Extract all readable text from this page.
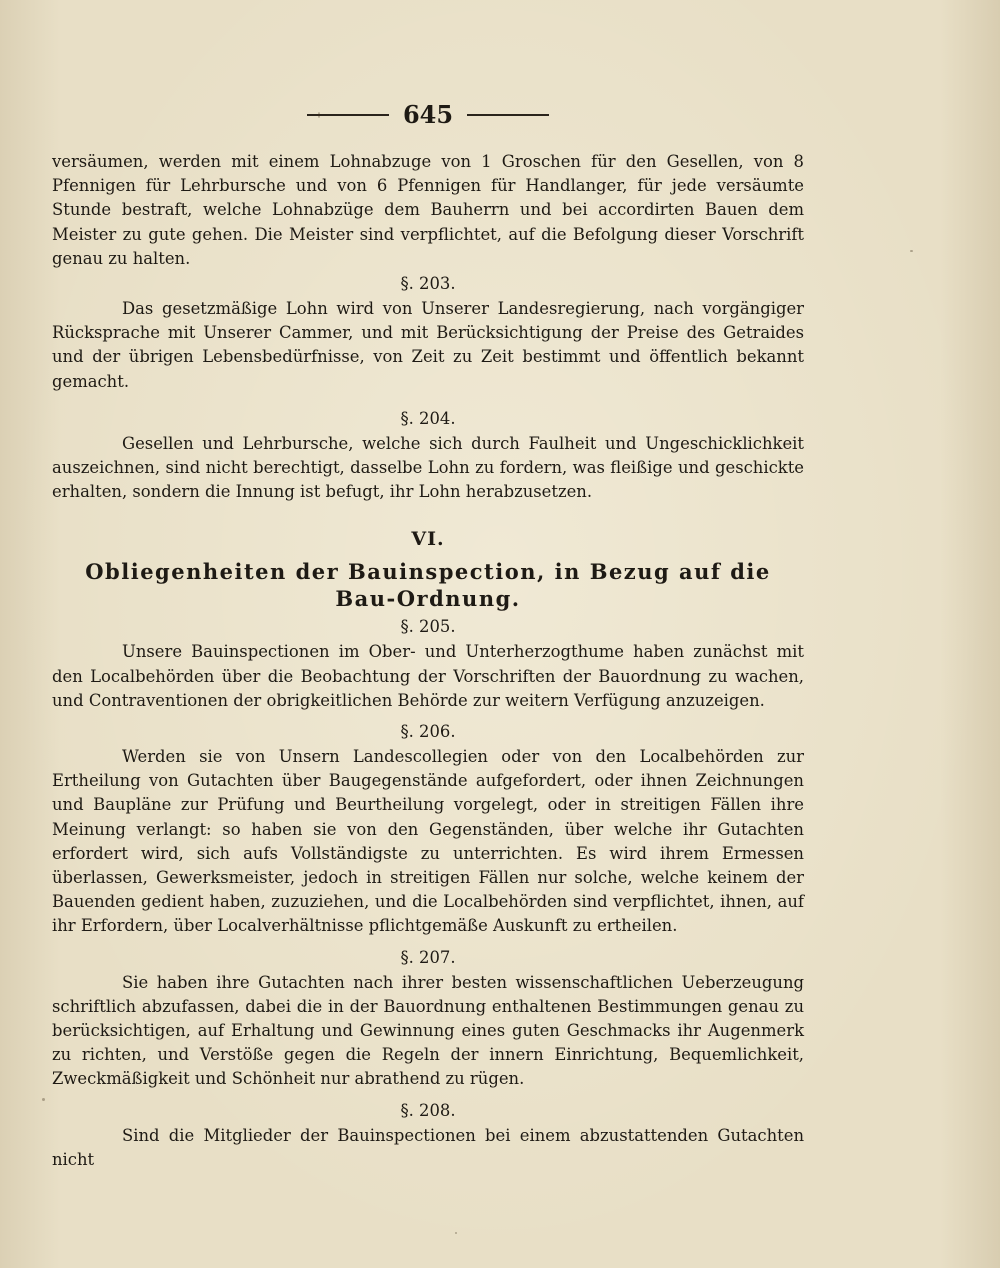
645

versäumen, werden mit einem Lohnabzuge von 1 Groschen für den Gesellen, von 8 Pfennigen für Lehrbursche und von 6 Pfennigen für Handlanger, für jede versäumte Stunde bestraft, welche Lohnabzüge dem Bauherrn und bei accordirten Bauen dem Meister zu gute gehen. Die Meister sind verpflichtet, auf die Befolgung dieser Vorschrift genau zu halten.

§. 203.

Das gesetzmäßige Lohn wird von Unserer Landesregierung, nach vorgängiger Rücksprache mit Unserer Cammer, und mit Berücksichtigung der Preise des Getraides und der übrigen Lebensbedürfnisse, von Zeit zu Zeit bestimmt und öffentlich bekannt gemacht.

§. 204.

Gesellen und Lehrbursche, welche sich durch Faulheit und Ungeschicklichkeit auszeichnen, sind nicht berechtigt, dasselbe Lohn zu fordern, was fleißige und geschickte erhalten, sondern die Innung ist befugt, ihr Lohn herabzusetzen.

VI.
Obliegenheiten der Bauinspection, in Bezug auf die
Bau-Ordnung.
§. 205.

Unsere Bauinspectionen im Ober- und Unterherzogthume haben zunächst mit den Localbehörden über die Beobachtung der Vorschriften der Bauordnung zu wachen, und Contraventionen der obrigkeitlichen Behörde zur weitern Verfügung anzuzeigen.

§. 206.

Werden sie von Unsern Landescollegien oder von den Localbehörden zur Ertheilung von Gutachten über Baugegenstände aufgefordert, oder ihnen Zeichnungen und Baupläne zur Prüfung und Beurtheilung vorgelegt, oder in streitigen Fällen ihre Meinung verlangt: so haben sie von den Gegenständen, über welche ihr Gutachten erfordert wird, sich aufs Vollständigste zu unterrichten. Es wird ihrem Ermessen überlassen, Gewerksmeister, jedoch in streitigen Fällen nur solche, welche keinem der Bauenden gedient haben, zuzuziehen, und die Localbehörden sind verpflichtet, ihnen, auf ihr Erfordern, über Localverhältnisse pflichtgemäße Auskunft zu ertheilen.

§. 207.

Sie haben ihre Gutachten nach ihrer besten wissenschaftlichen Ueberzeugung schriftlich abzufassen, dabei die in der Bauordnung enthaltenen Bestimmungen genau zu berücksichtigen, auf Erhaltung und Gewinnung eines guten Geschmacks ihr Augenmerk zu richten, und Verstöße gegen die Regeln der innern Einrichtung, Bequemlichkeit, Zweckmäßigkeit und Schönheit nur abrathend zu rügen.

§. 208.

Sind die Mitglieder der Bauinspectionen bei einem abzustattenden Gutachten nicht
